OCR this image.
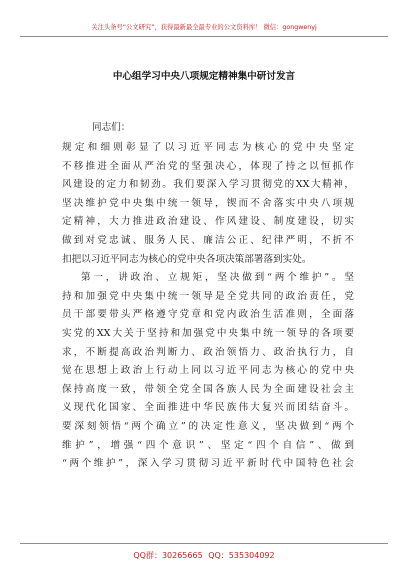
关注头条号“公文研究”，获得最新最全最专业的公文资料库！ 微信：gongwenyj
中心组学习中央八项规定精神集中研讨发言
同志们：
规定和细则彰显了以习近平同志为核心的党中央坚定
不移推进全面从严治党的坚强决心，体现了持之以恒抓作
风建设的定力和韧劲。我们要深入学习贯彻党的XX大精神，
坚决维护党中央集中统一领导，锲而不舍落实中央八项规
定精神，大力推进政治建设、作风建设、制度建设，切实
做到对党忠诚、服务人民、廉洁公正、纪律严明，不折不
扣把以习近平同志为核心的党中央各项决策部署落到实处。
第一，讲政治、立规矩，坚决做到“两个维护”。坚
持和加强党中央集中统一领导是全党共同的政治责任，党
员干部要带头严格遵守党章和党内政治生活准则，全面落
实党的XX大关于坚持和加强党中央集中统一领导的各项要
求，不断提高政治判断力、政治领悟力、政治执行力，自
觉在思想上政治上行动上同以习近平同志为核心的党中央
保持高度一致，带领全党全国各族人民为全面建设社会主
义现代化国家、全面推进中华民族伟大复兴而团结奋斗。
要深刻领悟“两个确立”的决定性意义，坚决做到“两个
维护”，增强“四个意识”、坚定“四个自信”、做到
“两个维护”，深入学习贯彻习近平新时代中国特色社会
QQ群：30265665 QQ：535304092
